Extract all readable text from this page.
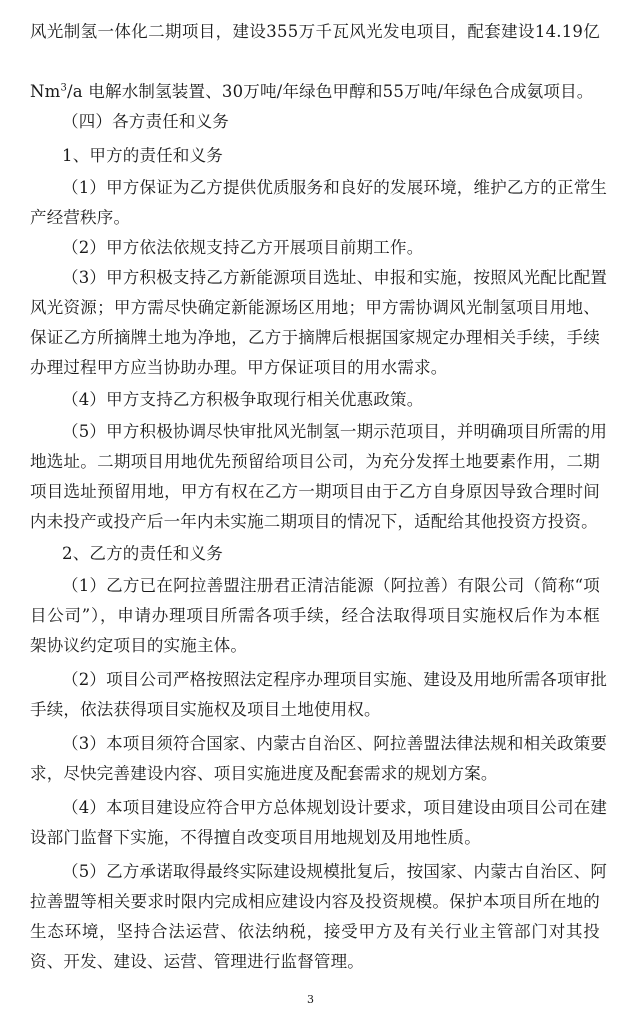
风光制氢一体化二期项目，建设355万千瓦风光发电项目，配套建设14.19亿
Nm$^3$/a 电解水制氢装置、30万吨/年绿色甲醇和55万吨/年绿色合成氨项目。
（四）各方责任和义务
1、甲方的责任和义务
（1）甲方保证为乙方提供优质服务和良好的发展环境，维护乙方的正常生
产经营秩序。
（2）甲方依法依规支持乙方开展项目前期工作。
（3）甲方积极支持乙方新能源项目选址、申报和实施，按照风光配比配置
风光资源；甲方需尽快确定新能源场区用地；甲方需协调风光制氢项目用地、
保证乙方所摘牌土地为净地，乙方于摘牌后根据国家规定办理相关手续，手续
办理过程甲方应当协助办理。甲方保证项目的用水需求。
（4）甲方支持乙方积极争取现行相关优惠政策。
（5）甲方积极协调尽快审批风光制氢一期示范项目，并明确项目所需的用
地选址。二期项目用地优先预留给项目公司，为充分发挥土地要素作用，二期
项目选址预留用地，甲方有权在乙方一期项目由于乙方自身原因导致合理时间
内未投产或投产后一年内未实施二期项目的情况下，适配给其他投资方投资。
2、乙方的责任和义务
（1）乙方已在阿拉善盟注册君正清洁能源（阿拉善）有限公司（简称“项
目公司”），申请办理项目所需各项手续，经合法取得项目实施权后作为本框
架协议约定项目的实施主体。
（2）项目公司严格按照法定程序办理项目实施、建设及用地所需各项审批
手续，依法获得项目实施权及项目土地使用权。
（3）本项目须符合国家、内蒙古自治区、阿拉善盟法律法规和相关政策要
求，尽快完善建设内容、项目实施进度及配套需求的规划方案。
（4）本项目建设应符合甲方总体规划设计要求，项目建设由项目公司在建
设部门监督下实施，不得擅自改变项目用地规划及用地性质。
（5）乙方承诺取得最终实际建设规模批复后，按国家、内蒙古自治区、阿
拉善盟等相关要求时限内完成相应建设内容及投资规模。保护本项目所在地的
生态环境，坚持合法运营、依法纳税，接受甲方及有关行业主管部门对其投
资、开发、建设、运营、管理进行监督管理。
3
